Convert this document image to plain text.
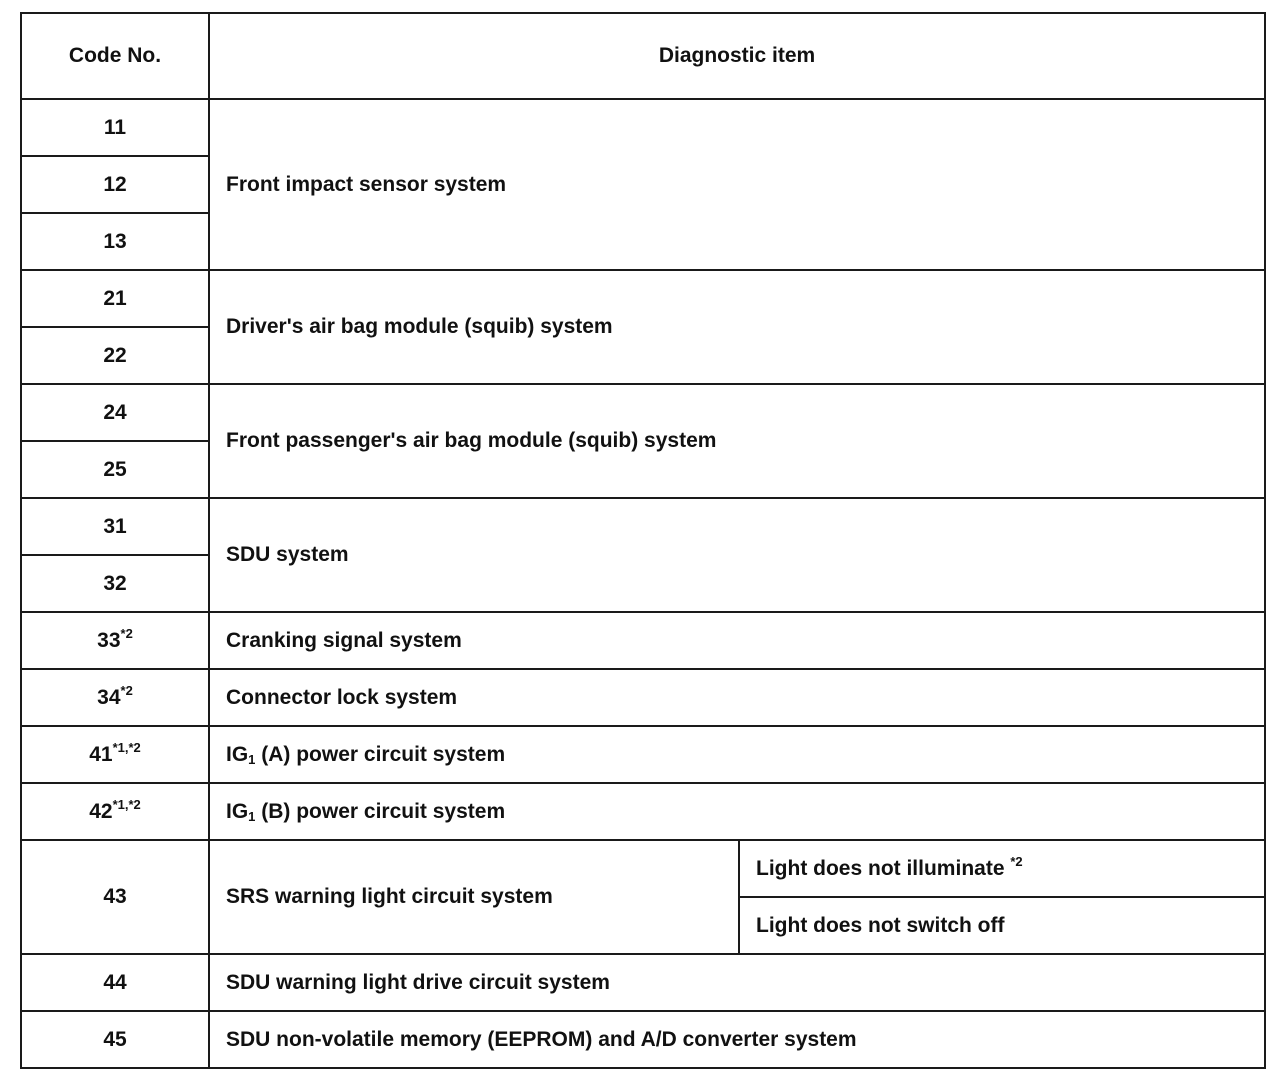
Code No.	Diagnostic item	
11	Front impact sensor system	
12		
13		
21	Driver's air bag module (squib) system	
22		
24	Front passenger's air bag module (squib) system	
25		
31	SDU system	
32		
33$^{*2}$	Cranking signal system	
34$^{*2}$	Connector lock system	
$41^{*1,*2}$	$IG_1$ (A) power circuit system	
$42^{*1,*2}$	$IG_1$ (B) power circuit system	
43	SRS warning light circuit system	Light does not illuminate $^{*2}$
		Light does not switch off
44	SDU warning light drive circuit system	
45	SDU non-volatile memory (EEPROM) and A/D converter system	
